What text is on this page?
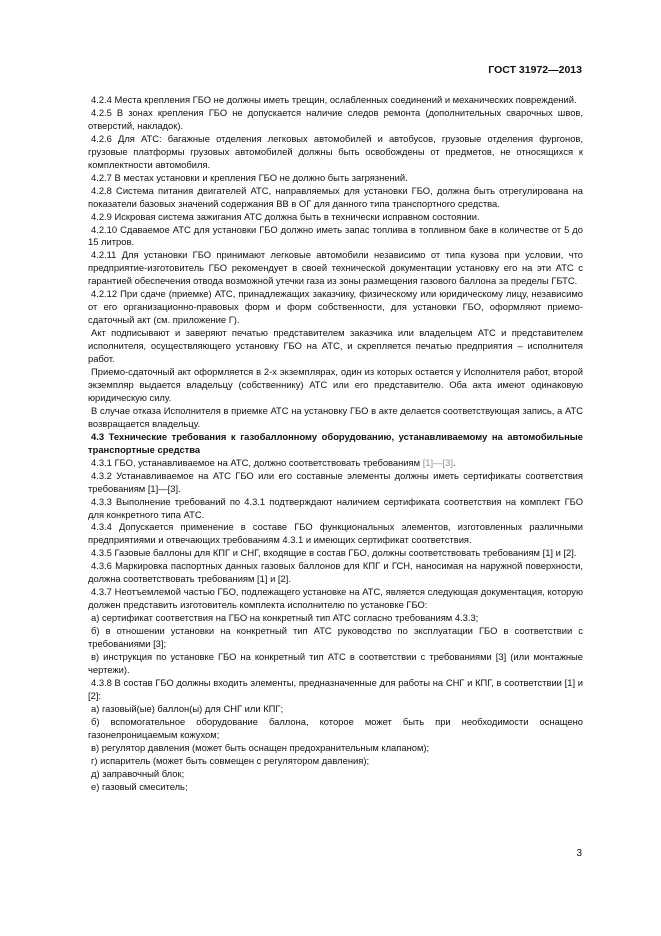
ГОСТ 31972—2013

4.2.4 Места крепления ГБО не должны иметь трещин, ослабленных соединений и механических повреждений.

4.2.5 В зонах крепления ГБО не допускается наличие следов ремонта (дополнительных сварочных швов, отверстий, накладок).

4.2.6 Для АТС: багажные отделения легковых автомобилей и автобусов, грузовые отделения фургонов, грузовые платформы грузовых автомобилей должны быть освобождены от предметов, не относящихся к комплектности автомобиля.

4.2.7 В местах установки и крепления ГБО не должно быть загрязнений.

4.2.8 Система питания двигателей АТС, направляемых для установки ГБО, должна быть отрегулирована на показатели базовых значений содержания ВВ в ОГ для данного типа транспортного средства.

4.2.9 Искровая система зажигания АТС должна быть в технически исправном состоянии.

4.2.10 Сдаваемое АТС для установки ГБО должно иметь запас топлива в топливном баке в количестве от 5 до 15 литров.

4.2.11 Для установки ГБО принимают легковые автомобили независимо от типа кузова при условии, что предприятие-изготовитель ГБО рекомендует в своей технической документации установку его на эти АТС с гарантией обеспечения отвода возможной утечки газа из зоны размещения газового баллона за пределы ГБТС.

4.2.12 При сдаче (приемке) АТС, принадлежащих заказчику, физическому или юридическому лицу, независимо от его организационно-правовых форм и форм собственности, для установки ГБО, оформляют приемо-сдаточный акт (см. приложение Г).

Акт подписывают и заверяют печатью представителем заказчика или владельцем АТС и представителем исполнителя, осуществляющего установку ГБО на АТС, и скрепляется печатью предприятия – исполнителя работ.

Приемо-сдаточный акт оформляется в 2-х экземплярах, один из которых остается у Исполнителя работ, второй экземпляр выдается владельцу (собственнику) АТС или его представителю. Оба акта имеют одинаковую юридическую силу.

В случае отказа Исполнителя в приемке АТС на установку ГБО в акте делается соответствующая запись, а АТС возвращается владельцу.

4.3 Технические требования к газобаллонному оборудованию, устанавливаемому на автомобильные транспортные средства

4.3.1 ГБО, устанавливаемое на АТС, должно соответствовать требованиям [1]—[3].

4.3.2 Устанавливаемое на АТС ГБО или его составные элементы должны иметь сертификаты соответствия требованиям [1]—[3].

4.3.3 Выполнение требований по 4.3.1 подтверждают наличием сертификата соответствия на комплект ГБО для конкретного типа АТС.

4.3.4 Допускается применение в составе ГБО функциональных элементов, изготовленных различными предприятиями и отвечающих требованиям 4.3.1 и имеющих сертификат соответствия.

4.3.5 Газовые баллоны для КПГ и СНГ, входящие в состав ГБО, должны соответствовать требованиям [1] и [2].

4.3.6 Маркировка паспортных данных газовых баллонов для КПГ и ГСН, наносимая на наружной поверхности, должна соответствовать требованиям [1] и [2].

4.3.7 Неотъемлемой частью ГБО, подлежащего установке на АТС, является следующая документация, которую должен представить изготовитель комплекта исполнителю по установке ГБО:

а) сертификат соответствия на ГБО на конкретный тип АТС согласно требованиям 4.3.3;

б) в отношении установки на конкретный тип АТС руководство по эксплуатации ГБО в соответствии с требованиями [3];

в) инструкция по установке ГБО на конкретный тип АТС в соответствии с требованиями [3] (или монтажные чертежи).

4.3.8 В состав ГБО должны входить элементы, предназначенные для работы на СНГ и КПГ, в соответствии [1] и [2]:

а) газовый(ые) баллон(ы) для СНГ или КПГ;

б) вспомогательное оборудование баллона, которое может быть при необходимости оснащено газонепроницаемым кожухом;

в) регулятор давления (может быть оснащен предохранительным клапаном);

г) испаритель (может быть совмещен с регулятором давления);

д) заправочный блок;

е) газовый смеситель;

3
